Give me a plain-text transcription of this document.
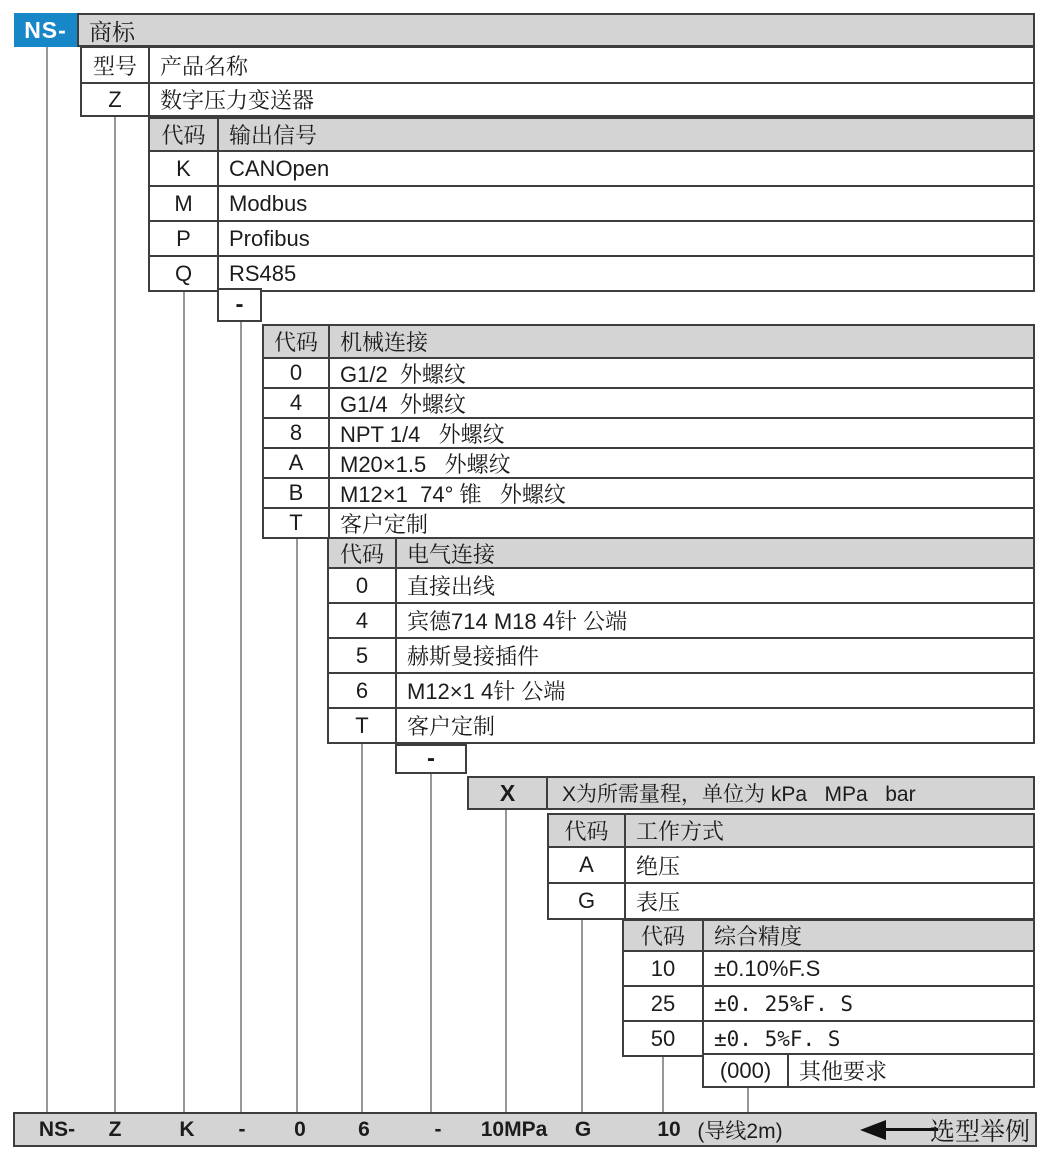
NS- 商标
型号	产品名称
Z	数字压力变送器
代码	输出信号
K	CANOpen
M	Modbus
P	Profibus
Q	RS485
-
代码	机械连接
0	G1/2  外螺纹
4	G1/4  外螺纹
8	NPT 1/4   外螺纹
A	M20×1.5   外螺纹
B	M12×1  74° 锥   外螺纹
T	客户定制
代码	电气连接
0	直接出线
4	宾德714 M18 4针 公端
5	赫斯曼接插件
6	M12×1 4针 公端
T	客户定制
-
X	X为所需量程，单位为 kPa   MPa   bar
代码	工作方式
A	绝压
G	表压
代码	综合精度
10	±0.10%F.S
25	±0. 25%F. S
50	±0. 5%F. S
(000)	其他要求
NS- Z	K - 0 6	- 10MPa G	10 (导线2m)	选型举例
